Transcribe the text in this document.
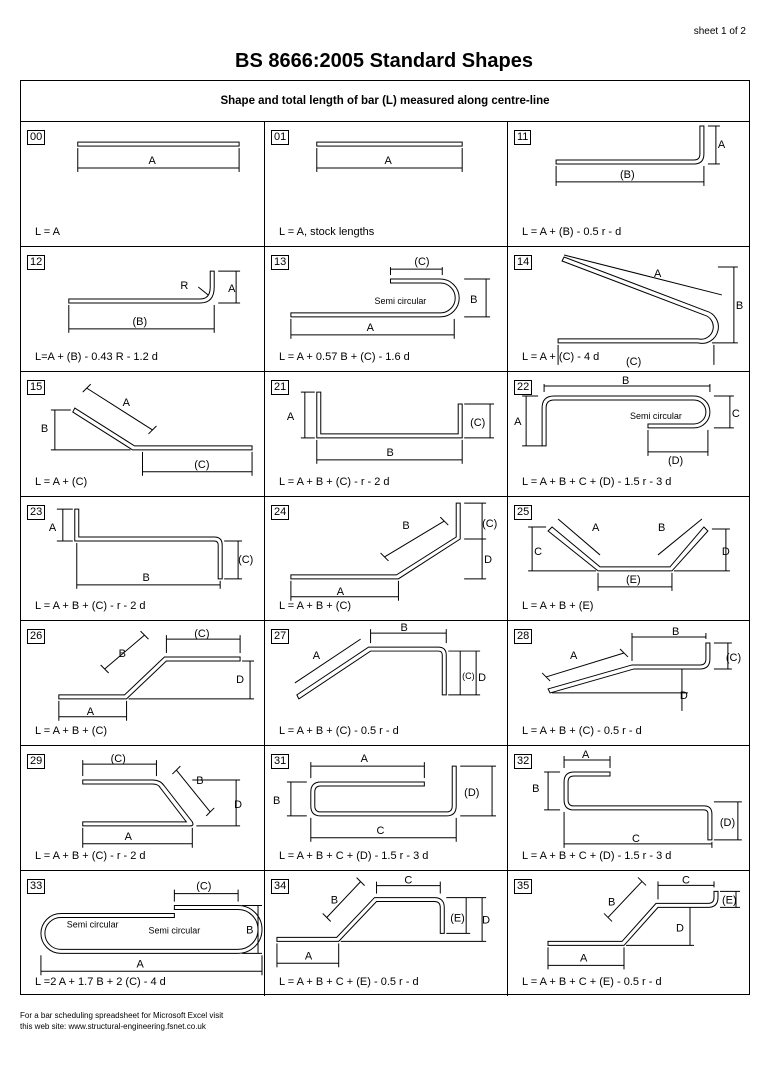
sheet 1 of 2
BS 8666:2005 Standard Shapes
Shape and total length of bar (L) measured along centre-line
00
A
L = A
01
A
L = A, stock lengths
11
A
(B)
L = A + (B) - 0.5 r - d
12
R	A
(B)
L=A + (B) - 0.43 R - 1.2 d
13	(C)
Semi circular	B
A
L = A + 0.57 B + (C) - 1.6 d
14
A
B
(C)
L = A + (C) - 4 d
15
A
B
(C)
L = A + (C)
21
A	(C)
B
L = A + B + (C) - r - 2 d
22
B
A	Semi circular	C
(D)
L = A + B + C + (D) - 1.5 r - 3 d
23
A
(C)
B
L = A + B + (C) - r - 2 d
24
B	(C)
D
A
L = A + B + (C)
25
A	B
C	D
(E)
L = A + B + (E)
26	(C)
B
D
A
L = A + B + (C)
27
B
A
(C) D
L = A + B + (C) - 0.5 r - d
28	B
A	(C)
D
L = A + B + (C) - 0.5 r - d
29	(C)
B
D
A
L = A + B + (C) - r - 2 d
31	A
B
(D)
C
L = A + B + C + (D) - 1.5 r - 3 d
32
A
B
(D)
C
L = A + B + C + (D) - 1.5 r - 3 d
33	(C)
Semi circular
Semi circular	B
A
L =2 A + 1.7 B + 2 (C) - 4 d
34	C
B
(E) D
A
L = A + B + C + (E) - 0.5 r - d
35	C
(E)
B
D
A
L = A + B + C + (E) - 0.5 r - d
For a bar scheduling spreadsheet for Microsoft Excel visit
this web site: www.structural-engineering.fsnet.co.uk
